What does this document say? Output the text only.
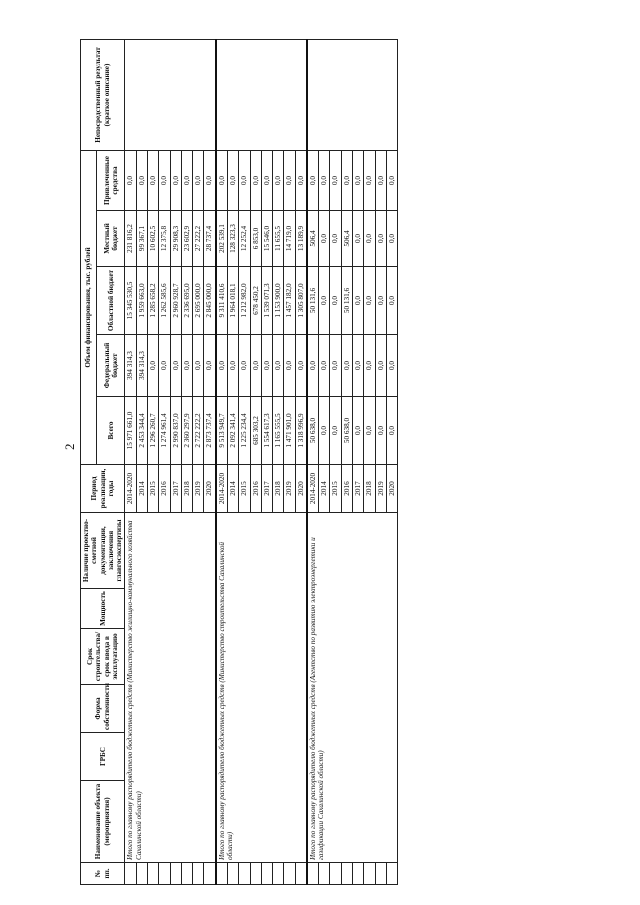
2
№ пп.	Наименование объекта (мероприятия)	ГРБС	Форма собственности	Срок строительства/ срок ввода в эксплуатацию	Мощность	Наличие проектно-сметной документации, заключения главгосэкспертизы	Период реализации, годы	Объем финансирования, тыс. рублей					Непосредственный результат (краткое описание)
								Всего	Федеральный бюджет	Областной бюджет	Местный бюджет	Привлеченные средства	
	Итого по главному распорядителю бюджетных средств (Министерство жилищно-коммунального хозяйства Сахалинской области)						2014-2020	15 971 661,0	394 314,3	15 345 530,5	231 816,2	0,0	
							2014	2 453 344,4	394 314,3	1 959 663,0	99 367,1	0,0	
							2015	1 296 260,7	0,0	1 285 658,2	10 602,5	0,0	
							2016	1 274 961,4	0,0	1 262 585,6	12 375,8	0,0	
							2017	2 990 837,0	0,0	2 960 928,7	29 908,3	0,0	
							2018	2 360 297,9	0,0	2 336 695,0	23 602,9	0,0	
							2019	2 722 222,2	0,0	2 695 000,0	27 222,2	0,0	
							2020	2 873 737,4	0,0	2 845 000,0	28 737,4	0,0	
	Итого по главному распорядителю бюджетных средств (Министерство строительства Сахалинской области)						2014-2020	9 513 949,7	0,0	9 311 410,6	202 539,1	0,0	
							2014	2 092 341,4	0,0	1 964 018,1	128 323,3	0,0	
							2015	1 225 234,4	0,0	1 212 982,0	12 252,4	0,0	
							2016	685 303,2	0,0	678 450,2	6 853,0	0,0	
							2017	1 554 617,3	0,0	1 539 071,3	15 546,0	0,0	
							2018	1 165 555,5	0,0	1 153 900,0	11 655,5	0,0	
							2019	1 471 901,0	0,0	1 457 182,0	14 719,0	0,0	
							2020	1 318 996,9	0,0	1 305 807,0	13 189,9	0,0	
	Итого по главному распорядителю бюджетных средств (Агентство по развитию электроэнергетики и газификации Сахалинской области)						2014-2020	50 638,0	0,0	50 131,6	506,4	0,0	
							2014	0,0	0,0	0,0	0,0	0,0	
							2015	0,0	0,0	0,0	0,0	0,0	
							2016	50 638,0	0,0	50 131,6	506,4	0,0	
							2017	0,0	0,0	0,0	0,0	0,0	
							2018	0,0	0,0	0,0	0,0	0,0	
							2019	0,0	0,0	0,0	0,0	0,0	
							2020	0,0	0,0	0,0	0,0	0,0	
